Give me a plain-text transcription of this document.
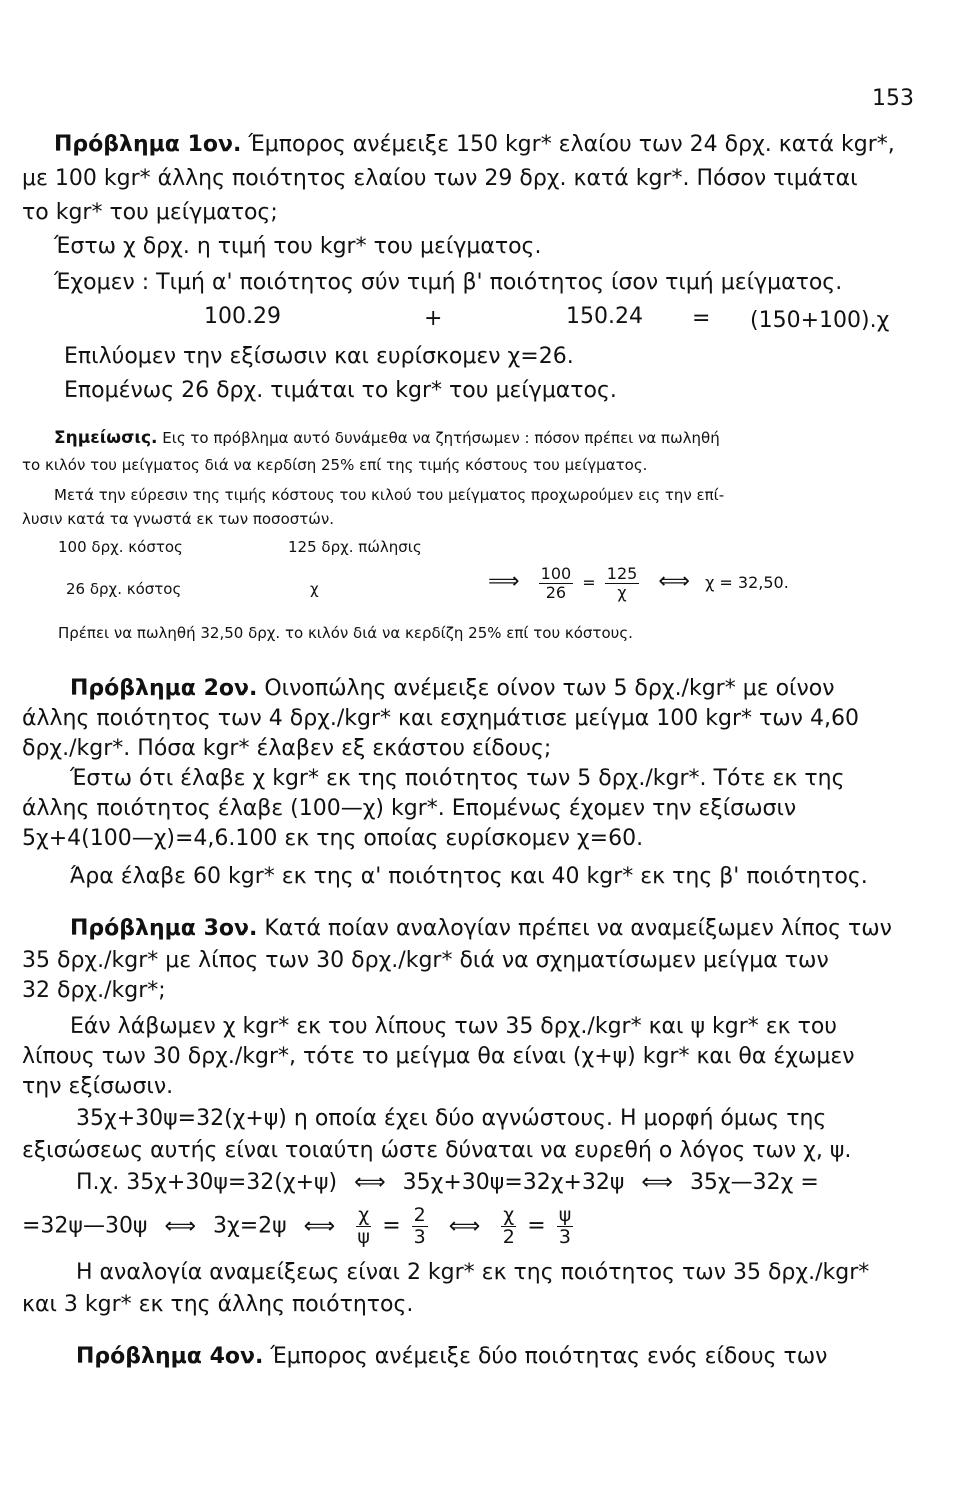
153
Πρόβλημα 1ον. Έμπορος ανέμειξε 150 kgr* ελαίου των 24 δρχ. κατά kgr*,
με 100 kgr* άλλης ποιότητος ελαίου των 29 δρχ. κατά kgr*. Πόσον τιμάται
το kgr* του μείγματος;
Έστω χ δρχ. η τιμή του kgr* του μείγματος.
Έχομεν : Τιμή α' ποιότητος σύν τιμή β' ποιότητος ίσον τιμή μείγματος.
100.29	+	150.24 = (150+100).χ
Επιλύομεν την εξίσωσιν και ευρίσκομεν χ=26.
Επομένως 26 δρχ. τιμάται το kgr* του μείγματος.
Σημείωσις. Εις το πρόβλημα αυτό δυνάμεθα να ζητήσωμεν : πόσον πρέπει να πωληθή
το κιλόν του μείγματος διά να κερδίση 25% επί της τιμής κόστους του μείγματος.
Μετά την εύρεσιν της τιμής κόστους του κιλού του μείγματος προχωρούμεν εις την επί-
λυσιν κατά τα γνωστά εκ των ποσοστών.
100 δρχ. κόστος	125 δρχ. πώλησις
26 δρχ. κόστος	χ	⟹ $\frac{100}{26} = \frac{125}{\chi}$ ⟺ χ = 32,50.
Πρέπει να πωληθή 32,50 δρχ. το κιλόν διά να κερδίζη 25% επί του κόστους.
Πρόβλημα 2ον. Οινοπώλης ανέμειξε οίνον των 5 δρχ./kgr* με οίνον
άλλης ποιότητος των 4 δρχ./kgr* και εσχημάτισε μείγμα 100 kgr* των 4,60
δρχ./kgr*. Πόσα kgr* έλαβεν εξ εκάστου είδους;
Έστω ότι έλαβε χ kgr* εκ της ποιότητος των 5 δρχ./kgr*. Τότε εκ της
άλλης ποιότητος έλαβε (100—χ) kgr*. Επομένως έχομεν την εξίσωσιν
5χ+4(100—χ)=4,6.100 εκ της οποίας ευρίσκομεν χ=60.
Άρα έλαβε 60 kgr* εκ της α' ποιότητος και 40 kgr* εκ της β' ποιότητος.
Πρόβλημα 3ον. Κατά ποίαν αναλογίαν πρέπει να αναμείξωμεν λίπος των
35 δρχ./kgr* με λίπος των 30 δρχ./kgr* διά να σχηματίσωμεν μείγμα των
32 δρχ./kgr*;
Εάν λάβωμεν χ kgr* εκ του λίπους των 35 δρχ./kgr* και ψ kgr* εκ του
λίπους των 30 δρχ./kgr*, τότε το μείγμα θα είναι (χ+ψ) kgr* και θα έχωμεν
την εξίσωσιν.
35χ+30ψ=32(χ+ψ) η οποία έχει δύο αγνώστους. Η μορφή όμως της
εξισώσεως αυτής είναι τοιαύτη ώστε δύναται να ευρεθή ο λόγος των χ, ψ.
Π.χ. 35χ+30ψ=32(χ+ψ) ⟺ 35χ+30ψ=32χ+32ψ ⟺ 35χ—32χ =
=32ψ—30ψ ⟺ 3χ=2ψ ⟺ $\frac{\chi}{\psi} = \frac{2}{3}$ ⟺ $\frac{\chi}{2} = \frac{\psi}{3}$
Η αναλογία αναμείξεως είναι 2 kgr* εκ της ποιότητος των 35 δρχ./kgr*
και 3 kgr* εκ της άλλης ποιότητος.
Πρόβλημα 4ον. Έμπορος ανέμειξε δύο ποιότητας ενός είδους των
